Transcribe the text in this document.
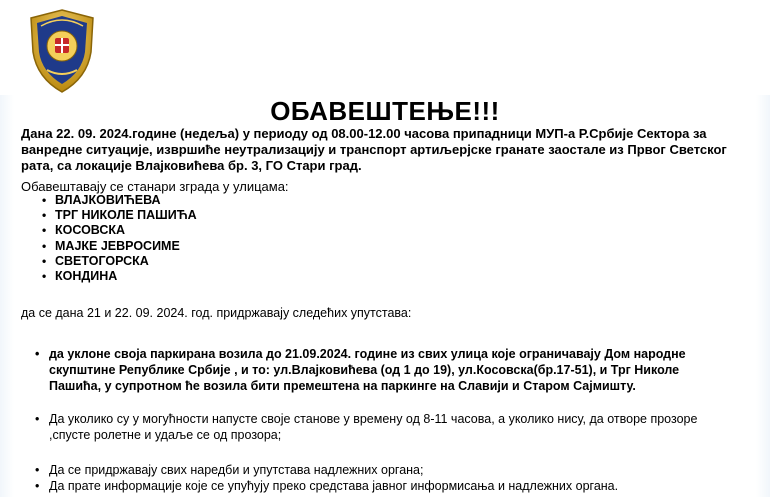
ОБАВЕШТЕЊЕ!!!
Дана 22. 09. 2024.године (недеља) у периоду од 08.00-12.00 часова припадници МУП-а Р.Србије Сектора за ванредне ситуације, извршиће неутрализацију и транспорт артиљерјске гранате заостале из Првог Светског рата, са локације Влајковићева бр. 3, ГО Стари град.
Обавештавају се станари зграда у улицама:
• ВЛАЈКОВИЋЕВА
• ТРГ НИКОЛЕ ПАШИЋА
• КОСОВСКА
• МАЈКЕ ЈЕВРОСИМЕ
• СВЕТОГОРСКА
• КОНДИНА
да се дана 21 и 22. 09. 2024. год. придржавају следећих упутстава:
• да уклоне своја паркирана возила до 21.09.2024. године из свих улица које ограничавају Дом народне скупштине Републике Србије , и то: ул.Влајковићева (од 1 до 19), ул.Косовска(бр.17-51), и Трг Николе Пашића, у супротном ће возила бити премештена на паркинге на Славији и Старом Сајмишту.
• Да уколико су у могућности напусте своје станове у времену од 8-11 часова, а уколико нису, да отворе прозоре ,спусте ролетне и удаље се од прозора;
• Да се придржавају свих наредби и упутстава надлежних органа;
• Да прате информације које се упућују преко средстава јавног информисања и надлежних органа.
